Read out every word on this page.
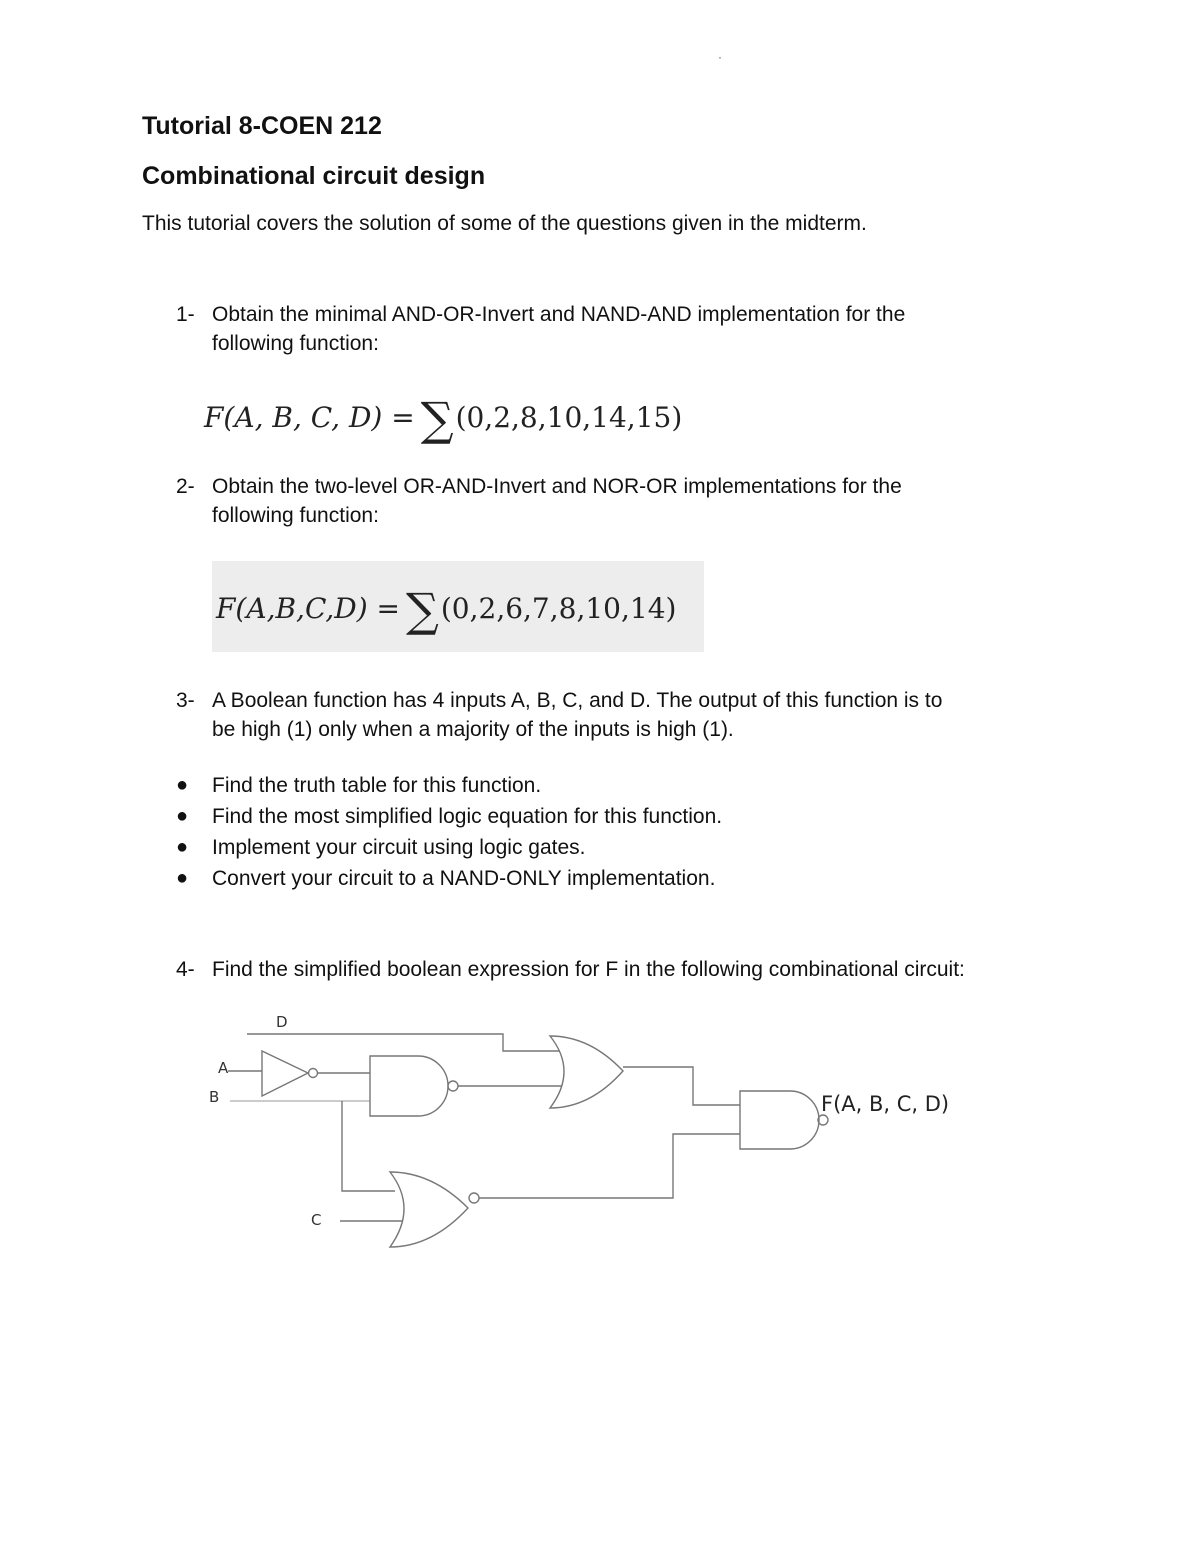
·
Tutorial 8-COEN 212
Combinational circuit design
This tutorial covers the solution of some of the questions given in the midterm.
1- Obtain the minimal AND-OR-Invert and NAND-AND implementation for the
following function:
F(A, B, C, D) = ∑(0,2,8,10,14,15)
2- Obtain the two-level OR-AND-Invert and NOR-OR implementations for the
following function:
F(A,B,C,D) = ∑(0,2,6,7,8,10,14)
3- A Boolean function has 4 inputs A, B, C, and D. The output of this function is to
be high (1) only when a majority of the inputs is high (1).
● Find the truth table for this function.
● Find the most simplified logic equation for this function.
● Implement your circuit using logic gates.
● Convert your circuit to a NAND-ONLY implementation.
4- Find the simplified boolean expression for F in the following combinational circuit:
D
A
B
C
F(A, B, C, D)
